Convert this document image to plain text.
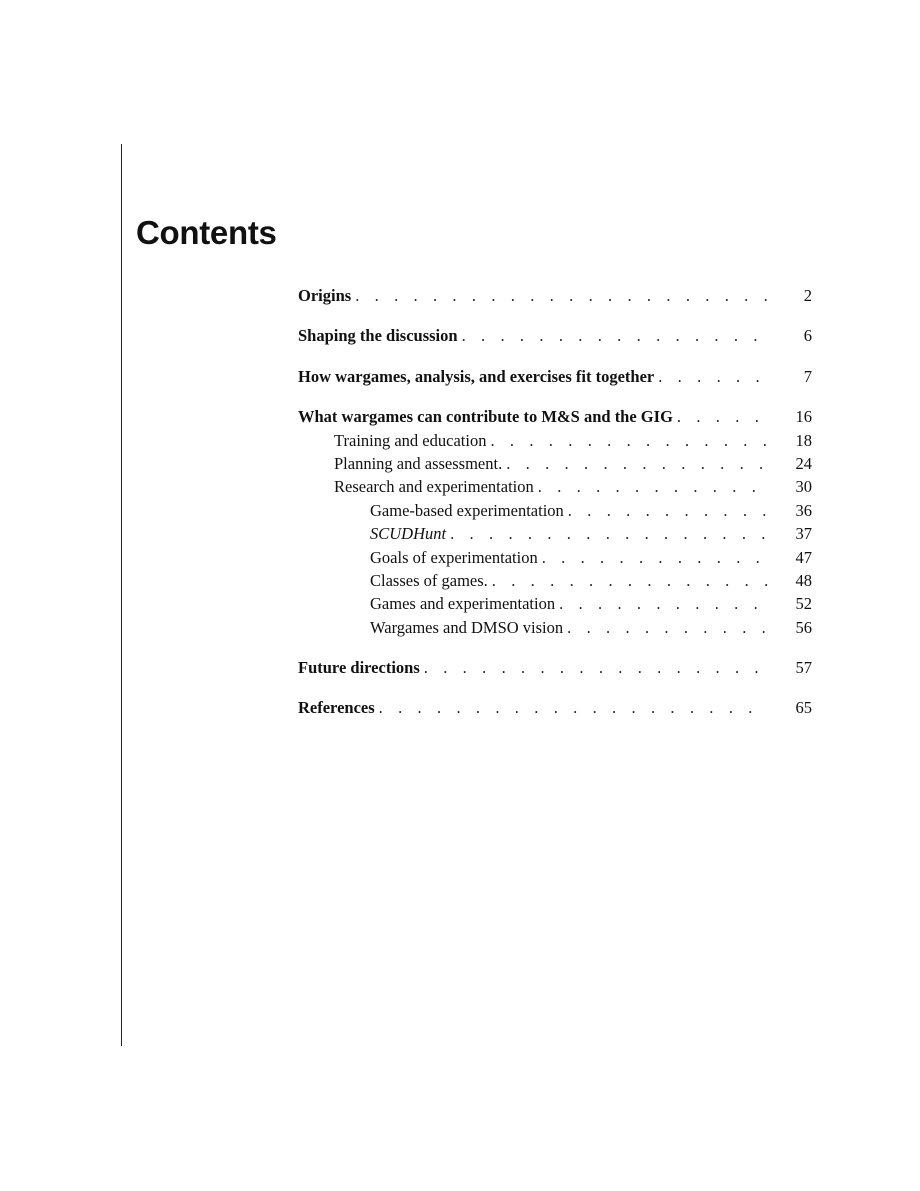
Contents
Origins . . .	2
Shaping the discussion . . .	6
How wargames, analysis, and exercises fit together . . .	7
What wargames can contribute to M&S and the GIG . . .	16
Training and education . . .	18
Planning and assessment. . . .	24
Research and experimentation . . .	30
Game-based experimentation . . .	36
SCUDHunt . . .	37
Goals of experimentation . . .	47
Classes of games. . . .	48
Games and experimentation . . .	52
Wargames and DMSO vision . . .	56
Future directions . . .	57
References . . .	65
